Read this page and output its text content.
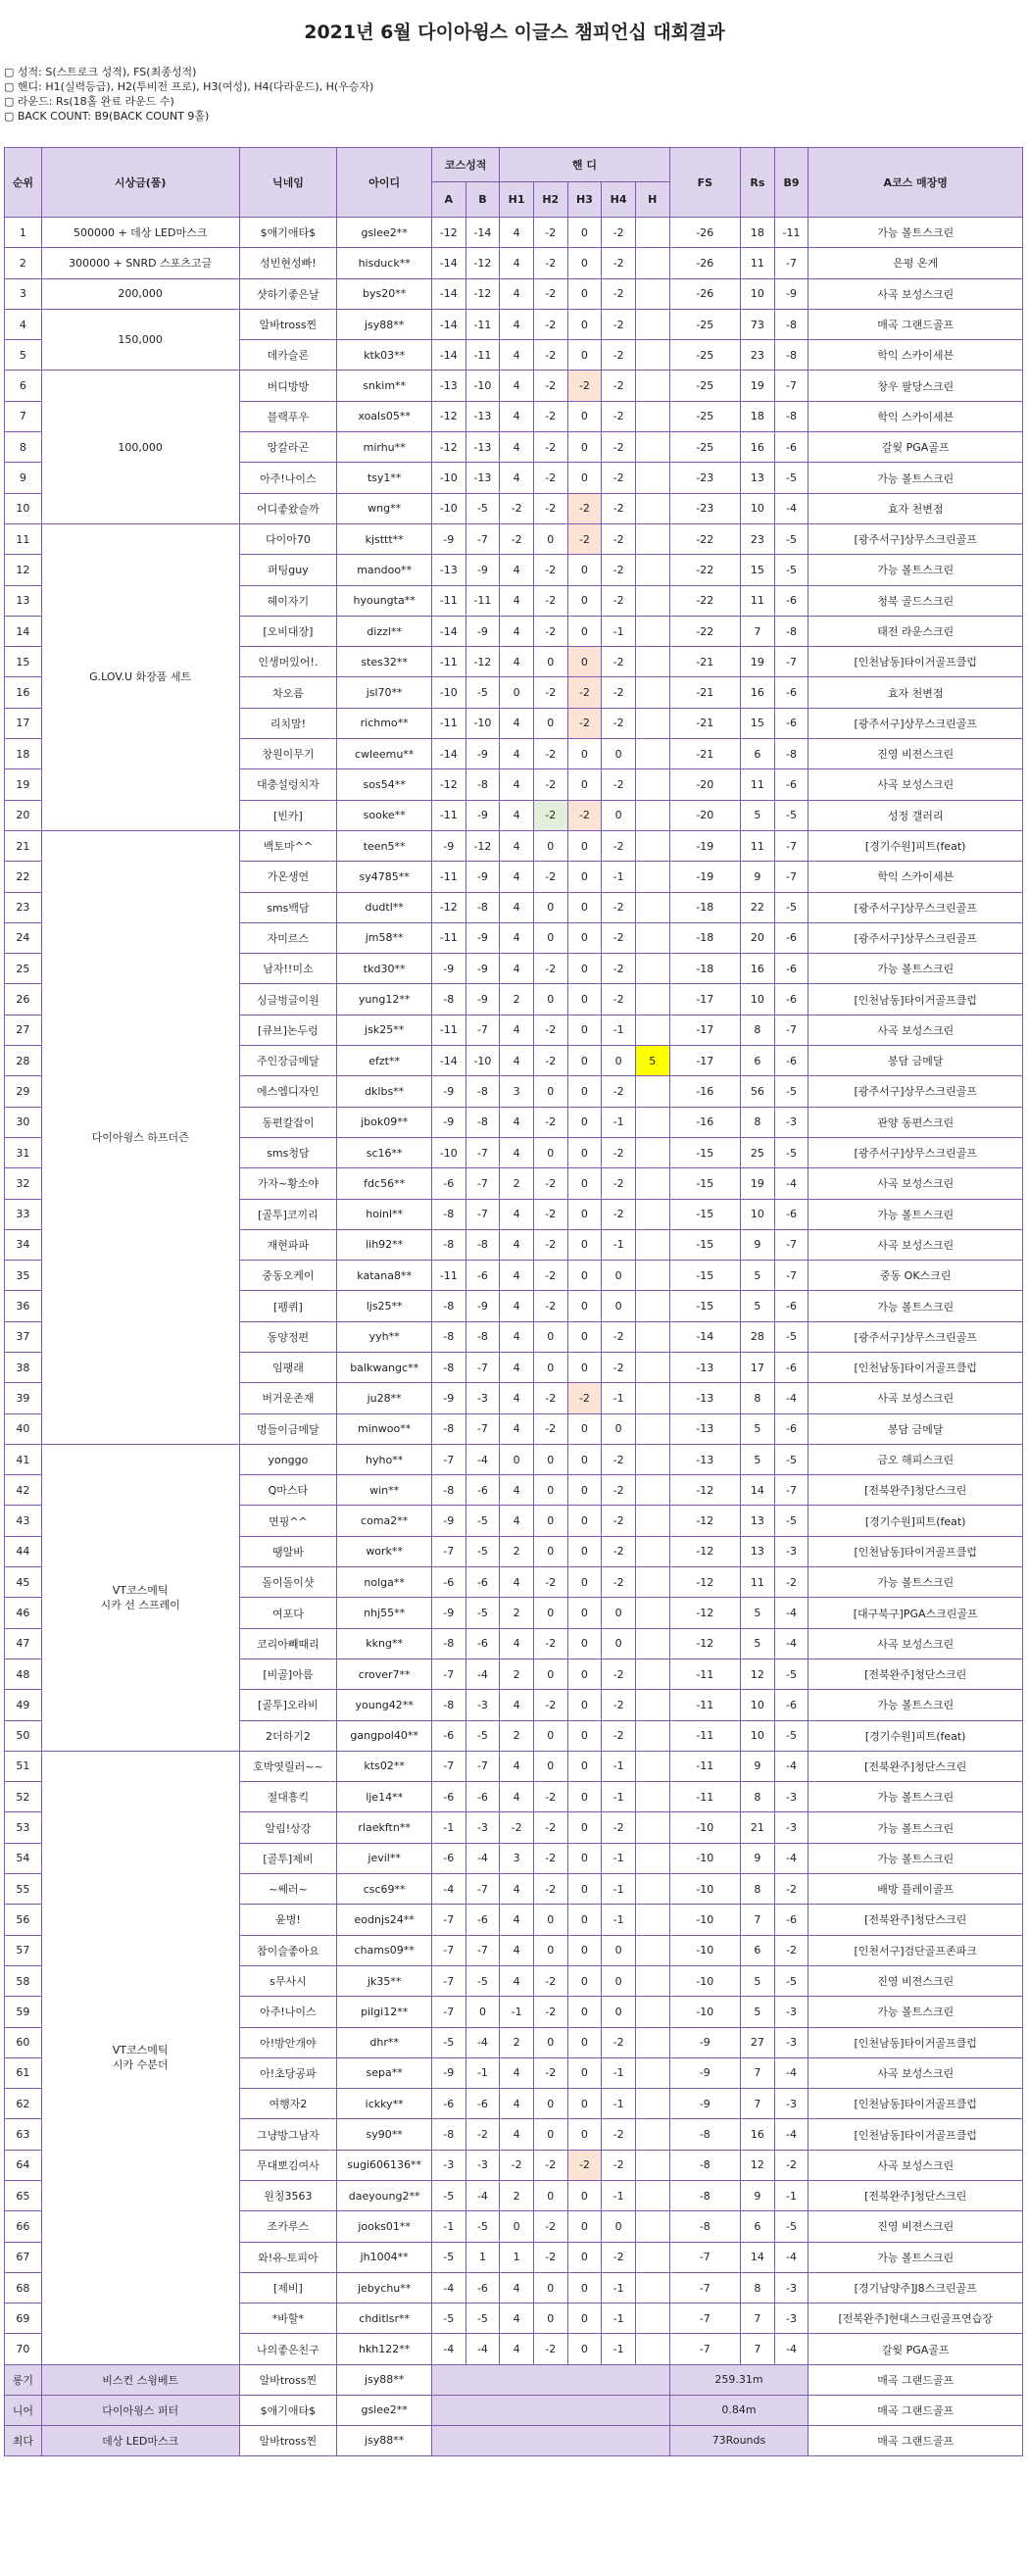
2021년 6월 다이아윙스 이글스 챔피언십 대회결과
▢ 성적: S(스트로크 성적), FS(최종성적)
▢ 핸디: H1(실력등급), H2(투비전 프로), H3(여성), H4(다라운드), H(우승자)
▢ 라운드: Rs(18홀 완료 라운드 수)
▢ BACK COUNT: B9(BACK COUNT 9홀)
순위	시상금(품)	닉네임	아이디	코스성적		핸 디					FS	Rs	B9	A코스 매장명
				A	B	H1	H2	H3	H4	H				
1	500000 + 데상 LED마스크	$애기애타$	gslee2**	-12	-14	4	-2	0	-2		-26	18	-11	가능 볼트스크린
2	300000 + SNRD 스포츠고글	성빈현성빠!	hisduck**	-14	-12	4	-2	0	-2		-26	11	-7	은평 온게
3	200,000	샷하기좋은날	bys20**	-14	-12	4	-2	0	-2		-26	10	-9	사곡 보성스크린
4	150,000	알바tross찐	jsy88**	-14	-11	4	-2	0	-2		-25	73	-8	매곡 그랜드골프
5		데카슬론	ktk03**	-14	-11	4	-2	0	-2		-25	23	-8	학익 스카이세븐
6	100,000	버디방방	snkim**	-13	-10	4	-2	-2	-2		-25	19	-7	창우 팔당스크린
7		블랙푸우	xoals05**	-12	-13	4	-2	0	-2		-25	18	-8	학익 스카이세븐
8		앙칼라곤	mirhu**	-12	-13	4	-2	0	-2		-25	16	-6	갈웢 PGA골프
9		아주!나이스	tsy1**	-10	-13	4	-2	0	-2		-23	13	-5	가능 볼트스크린
10		어디좋왔슬까	wng**	-10	-5	-2	-2	-2	-2		-23	10	-4	효자 천변점
11	G.LOV.U 화장품 세트	다이아70	kjsttt**	-9	-7	-2	0	-2	-2		-22	23	-5	[광주서구]상무스크린골프
12		퍼팅guy	mandoo**	-13	-9	4	-2	0	-2		-22	15	-5	가능 볼트스크린
13		헤이자기	hyoungta**	-11	-11	4	-2	0	-2		-22	11	-6	청북 골드스크린
14		[오비대장]	dizzl**	-14	-9	4	-2	0	-1		-22	7	-8	태전 라운스크린
15		인생머있어!.	stes32**	-11	-12	4	0	0	-2		-21	19	-7	[인천남동]타이거골프클럽
16		차오름	jsl70**	-10	-5	0	-2	-2	-2		-21	16	-6	효자 천변점
17		리치맘!	richmo**	-11	-10	4	0	-2	-2		-21	15	-6	[광주서구]상무스크린골프
18		창원이무기	cwleemu**	-14	-9	4	-2	0	0		-21	6	-8	진영 비젼스크린
19		대충설렁치자	sos54**	-12	-8	4	-2	0	-2		-20	11	-6	사곡 보성스크린
20		[빈카]	sooke**	-11	-9	4	-2	-2	0		-20	5	-5	성정 갤러리
21	다이아윙스 하프더즌	백토마^^	teen5**	-9	-12	4	0	0	-2		-19	11	-7	[경기수원]피트(feat)
22		가온생연	sy4785**	-11	-9	4	-2	0	-1		-19	9	-7	학익 스카이세븐
23		sms백담	dudtl**	-12	-8	4	0	0	-2		-18	22	-5	[광주서구]상무스크린골프
24		자미르스	jm58**	-11	-9	4	0	0	-2		-18	20	-6	[광주서구]상무스크린골프
25		남자!!미소	tkd30**	-9	-9	4	-2	0	-2		-18	16	-6	가능 볼트스크린
26		싱글벙글이원	yung12**	-8	-9	2	0	0	-2		-17	10	-6	[인천남동]타이거골프클럽
27		[큐브]논두렁	jsk25**	-11	-7	4	-2	0	-1		-17	8	-7	사곡 보성스크린
28		주인장금메달	efzt**	-14	-10	4	-2	0	0	5	-17	6	-6	봉담 금메달
29		에스엠디자인	dklbs**	-9	-8	3	0	0	-2		-16	56	-5	[광주서구]상무스크린골프
30		동편칼잡이	jbok09**	-9	-8	4	-2	0	-1		-16	8	-3	관양 동편스크린
31		sms청담	sc16**	-10	-7	4	0	0	-2		-15	25	-5	[광주서구]상무스크린골프
32		가자~황소야	fdc56**	-6	-7	2	-2	0	-2		-15	19	-4	사곡 보성스크린
33		[골투]코끼리	hoinl**	-8	-7	4	-2	0	-2		-15	10	-6	가능 볼트스크린
34		재현파파	lih92**	-8	-8	4	-2	0	-1		-15	9	-7	사곡 보성스크린
35		중동오케이	katana8**	-11	-6	4	-2	0	0		-15	5	-7	중동 OK스크린
36		[펭퀴]	ljs25**	-8	-9	4	-2	0	0		-15	5	-6	가능 볼트스크린
37		동양정편	yyh**	-8	-8	4	0	0	-2		-14	28	-5	[광주서구]상무스크린골프
38		임팽래	balkwangc**	-8	-7	4	0	0	-2		-13	17	-6	[인천남동]타이거골프클럽
39		버거운존재	ju28**	-9	-3	4	-2	-2	-1		-13	8	-4	사곡 보성스크린
40		멍들이금메달	minwoo**	-8	-7	4	-2	0	0		-13	5	-6	봉담 금메달
41	VT코스메틱
시카 선 스프레이	yonggo	hyho**	-7	-4	0	0	0	-2		-13	5	-5	금오 해피스크린
42		Q마스타	win**	-8	-6	4	0	0	-2		-12	14	-7	[전북완주]청단스크린
43		면핑^^	coma2**	-9	-5	4	0	0	-2		-12	13	-5	[경기수원]피트(feat)
44		땡알바	work**	-7	-5	2	0	0	-2		-12	13	-3	[인천남동]타이거골프클럽
45		돌이돌이샷	nolga**	-6	-6	4	-2	0	-2		-12	11	-2	가능 볼트스크린
46		여포다	nhj55**	-9	-5	2	0	0	0		-12	5	-4	[대구북구]PGA스크린골프
47		코리아빼때리	kkng**	-8	-6	4	-2	0	0		-12	5	-4	사곡 보성스크린
48		[비골]아름	crover7**	-7	-4	2	0	0	-2		-11	12	-5	[전북완주]청단스크린
49		[골투]오라비	young42**	-8	-3	4	-2	0	-2		-11	10	-6	가능 볼트스크린
50		2더하기2	gangpol40**	-6	-5	2	0	0	-2		-11	10	-5	[경기수원]피트(feat)
51	VT코스메틱
시카 수분더	호박엿릴러~~	kts02**	-7	-7	4	0	0	-1		-11	9	-4	[전북완주]청단스크린
52		절대흥킥	lje14**	-6	-6	4	-2	0	-1		-11	8	-3	가능 볼트스크린
53		알림!상강	rlaekftn**	-1	-3	-2	-2	0	-2		-10	21	-3	가능 볼트스크린
54		[골투]제비	jevil**	-6	-4	3	-2	0	-1		-10	9	-4	가능 볼트스크린
55		~쎄러~	csc69**	-4	-7	4	-2	0	-1		-10	8	-2	배방 플레이골프
56		윤병!	eodnjs24**	-7	-6	4	0	0	-1		-10	7	-6	[전북완주]청단스크린
57		참이슬좋아요	chams09**	-7	-7	4	0	0	0		-10	6	-2	[인천서구]검단골프존파크
58		s무사시	jk35**	-7	-5	4	-2	0	0		-10	5	-5	진영 비젼스크린
59		아주!나이스	pilgi12**	-7	0	-1	-2	0	0		-10	5	-3	가능 볼트스크린
60		아!방안개야	dhr**	-5	-4	2	0	0	-2		-9	27	-3	[인천남동]타이거골프클럽
61		아!초당공파	sepa**	-9	-1	4	-2	0	-1		-9	7	-4	사곡 보성스크린
62		여행자2	ickky**	-6	-6	4	0	0	-1		-9	7	-3	[인천남동]타이거골프클럽
63		그냥방그남자	sy90**	-8	-2	4	0	0	-2		-8	16	-4	[인천남동]타이거골프클럽
64		무대뽀김여사	sugi606136**	-3	-3	-2	-2	-2	-2		-8	12	-2	사곡 보성스크린
65		원칭3563	daeyoung2**	-5	-4	2	0	0	-1		-8	9	-1	[전북완주]청단스크린
66		조카루스	jooks01**	-1	-5	0	-2	0	0		-8	6	-5	진영 비젼스크린
67		와!유-토피아	jh1004**	-5	1	1	-2	0	-2		-7	14	-4	가능 볼트스크린
68		[제비]	jebychu**	-4	-6	4	0	0	-1		-7	8	-3	[경기남양주]J8스크린골프
69		*바할*	chditlsr**	-5	-5	4	0	0	-1		-7	7	-3	[전북완주]현대스크린골프연습장
70		나의좋은친구	hkh122**	-4	-4	4	-2	0	-1		-7	7	-4	갈웢 PGA골프
롱기	비스컨 스윙베트	알바tross찐	jsy88**								259.31m			매곡 그랜드골프
니어	다이아윙스 퍼터	$애기애타$	gslee2**								0.84m			매곡 그랜드골프
최다	데상 LED마스크	알바tross찐	jsy88**								73Rounds			매곡 그랜드골프
